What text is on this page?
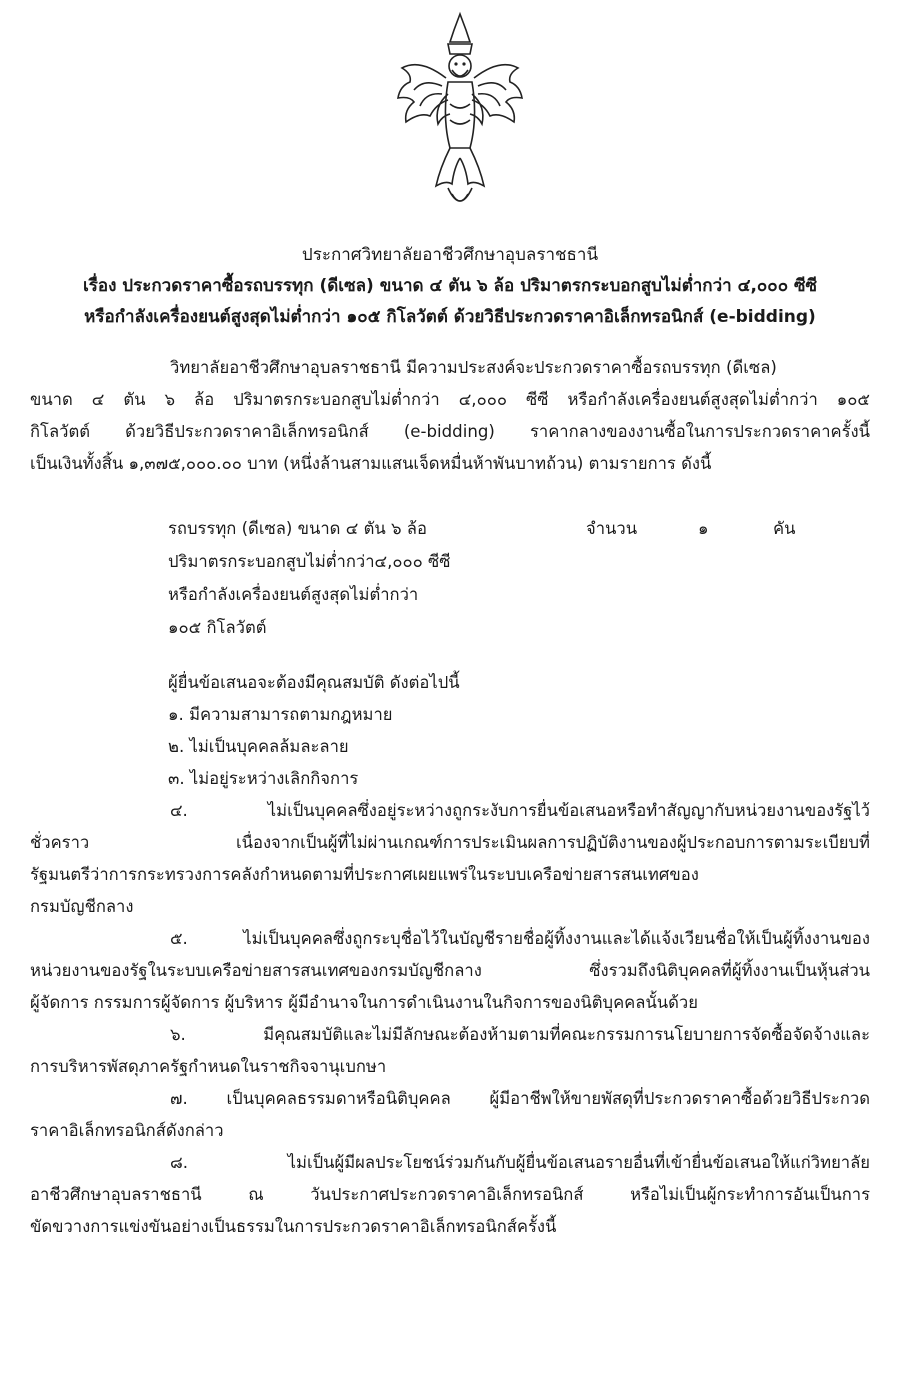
ประกาศวิทยาลัยอาชีวศึกษาอุบลราชธานี
เรื่อง ประกวดราคาซื้อรถบรรทุก (ดีเซล) ขนาด ๔ ตัน ๖ ล้อ ปริมาตรกระบอกสูบไม่ต่ำกว่า ๔,๐๐๐ ซีซี
หรือกำลังเครื่องยนต์สูงสุดไม่ต่ำกว่า ๑๐๕ กิโลวัตต์ ด้วยวิธีประกวดราคาอิเล็กทรอนิกส์ (e-bidding)
วิทยาลัยอาชีวศึกษาอุบลราชธานี มีความประสงค์จะประกวดราคาซื้อรถบรรทุก (ดีเซล)
ขนาด ๔ ตัน ๖ ล้อ ปริมาตรกระบอกสูบไม่ต่ำกว่า ๔,๐๐๐ ซีซี หรือกำลังเครื่องยนต์สูงสุดไม่ต่ำกว่า ๑๐๕
กิโลวัตต์ ด้วยวิธีประกวดราคาอิเล็กทรอนิกส์ (e-bidding) ราคากลางของงานซื้อในการประกวดราคาครั้งนี้
เป็นเงินทั้งสิ้น ๑,๓๗๕,๐๐๐.๐๐ บาท (หนึ่งล้านสามแสนเจ็ดหมื่นห้าพันบาทถ้วน) ตามรายการ ดังนี้
รถบรรทุก (ดีเซล) ขนาด ๔ ตัน ๖ ล้อ	จำนวน	๑	คัน
ปริมาตรกระบอกสูบไม่ต่ำกว่า๔,๐๐๐ ซีซี
หรือกำลังเครื่องยนต์สูงสุดไม่ต่ำกว่า
๑๐๕ กิโลวัตต์
ผู้ยื่นข้อเสนอจะต้องมีคุณสมบัติ ดังต่อไปนี้
๑. มีความสามารถตามกฎหมาย
๒. ไม่เป็นบุคคลล้มละลาย
๓. ไม่อยู่ระหว่างเลิกกิจการ
๔. ไม่เป็นบุคคลซึ่งอยู่ระหว่างถูกระงับการยื่นข้อเสนอหรือทำสัญญากับหน่วยงานของรัฐไว้
ชั่วคราว เนื่องจากเป็นผู้ที่ไม่ผ่านเกณฑ์การประเมินผลการปฏิบัติงานของผู้ประกอบการตามระเบียบที่
รัฐมนตรีว่าการกระทรวงการคลังกำหนดตามที่ประกาศเผยแพร่ในระบบเครือข่ายสารสนเทศของ
กรมบัญชีกลาง
๕. ไม่เป็นบุคคลซึ่งถูกระบุชื่อไว้ในบัญชีรายชื่อผู้ทิ้งงานและได้แจ้งเวียนชื่อให้เป็นผู้ทิ้งงานของ
หน่วยงานของรัฐในระบบเครือข่ายสารสนเทศของกรมบัญชีกลาง ซึ่งรวมถึงนิติบุคคลที่ผู้ทิ้งงานเป็นหุ้นส่วน
ผู้จัดการ กรรมการผู้จัดการ ผู้บริหาร ผู้มีอำนาจในการดำเนินงานในกิจการของนิติบุคคลนั้นด้วย
๖. มีคุณสมบัติและไม่มีลักษณะต้องห้ามตามที่คณะกรรมการนโยบายการจัดซื้อจัดจ้างและ
การบริหารพัสดุภาครัฐกำหนดในราชกิจจานุเบกษา
๗. เป็นบุคคลธรรมดาหรือนิติบุคคล ผู้มีอาชีพให้ขายพัสดุที่ประกวดราคาซื้อด้วยวิธีประกวด
ราคาอิเล็กทรอนิกส์ดังกล่าว
๘. ไม่เป็นผู้มีผลประโยชน์ร่วมกันกับผู้ยื่นข้อเสนอรายอื่นที่เข้ายื่นข้อเสนอให้แก่วิทยาลัย
อาชีวศึกษาอุบลราชธานี ณ วันประกาศประกวดราคาอิเล็กทรอนิกส์ หรือไม่เป็นผู้กระทำการอันเป็นการ
ขัดขวางการแข่งขันอย่างเป็นธรรมในการประกวดราคาอิเล็กทรอนิกส์ครั้งนี้
